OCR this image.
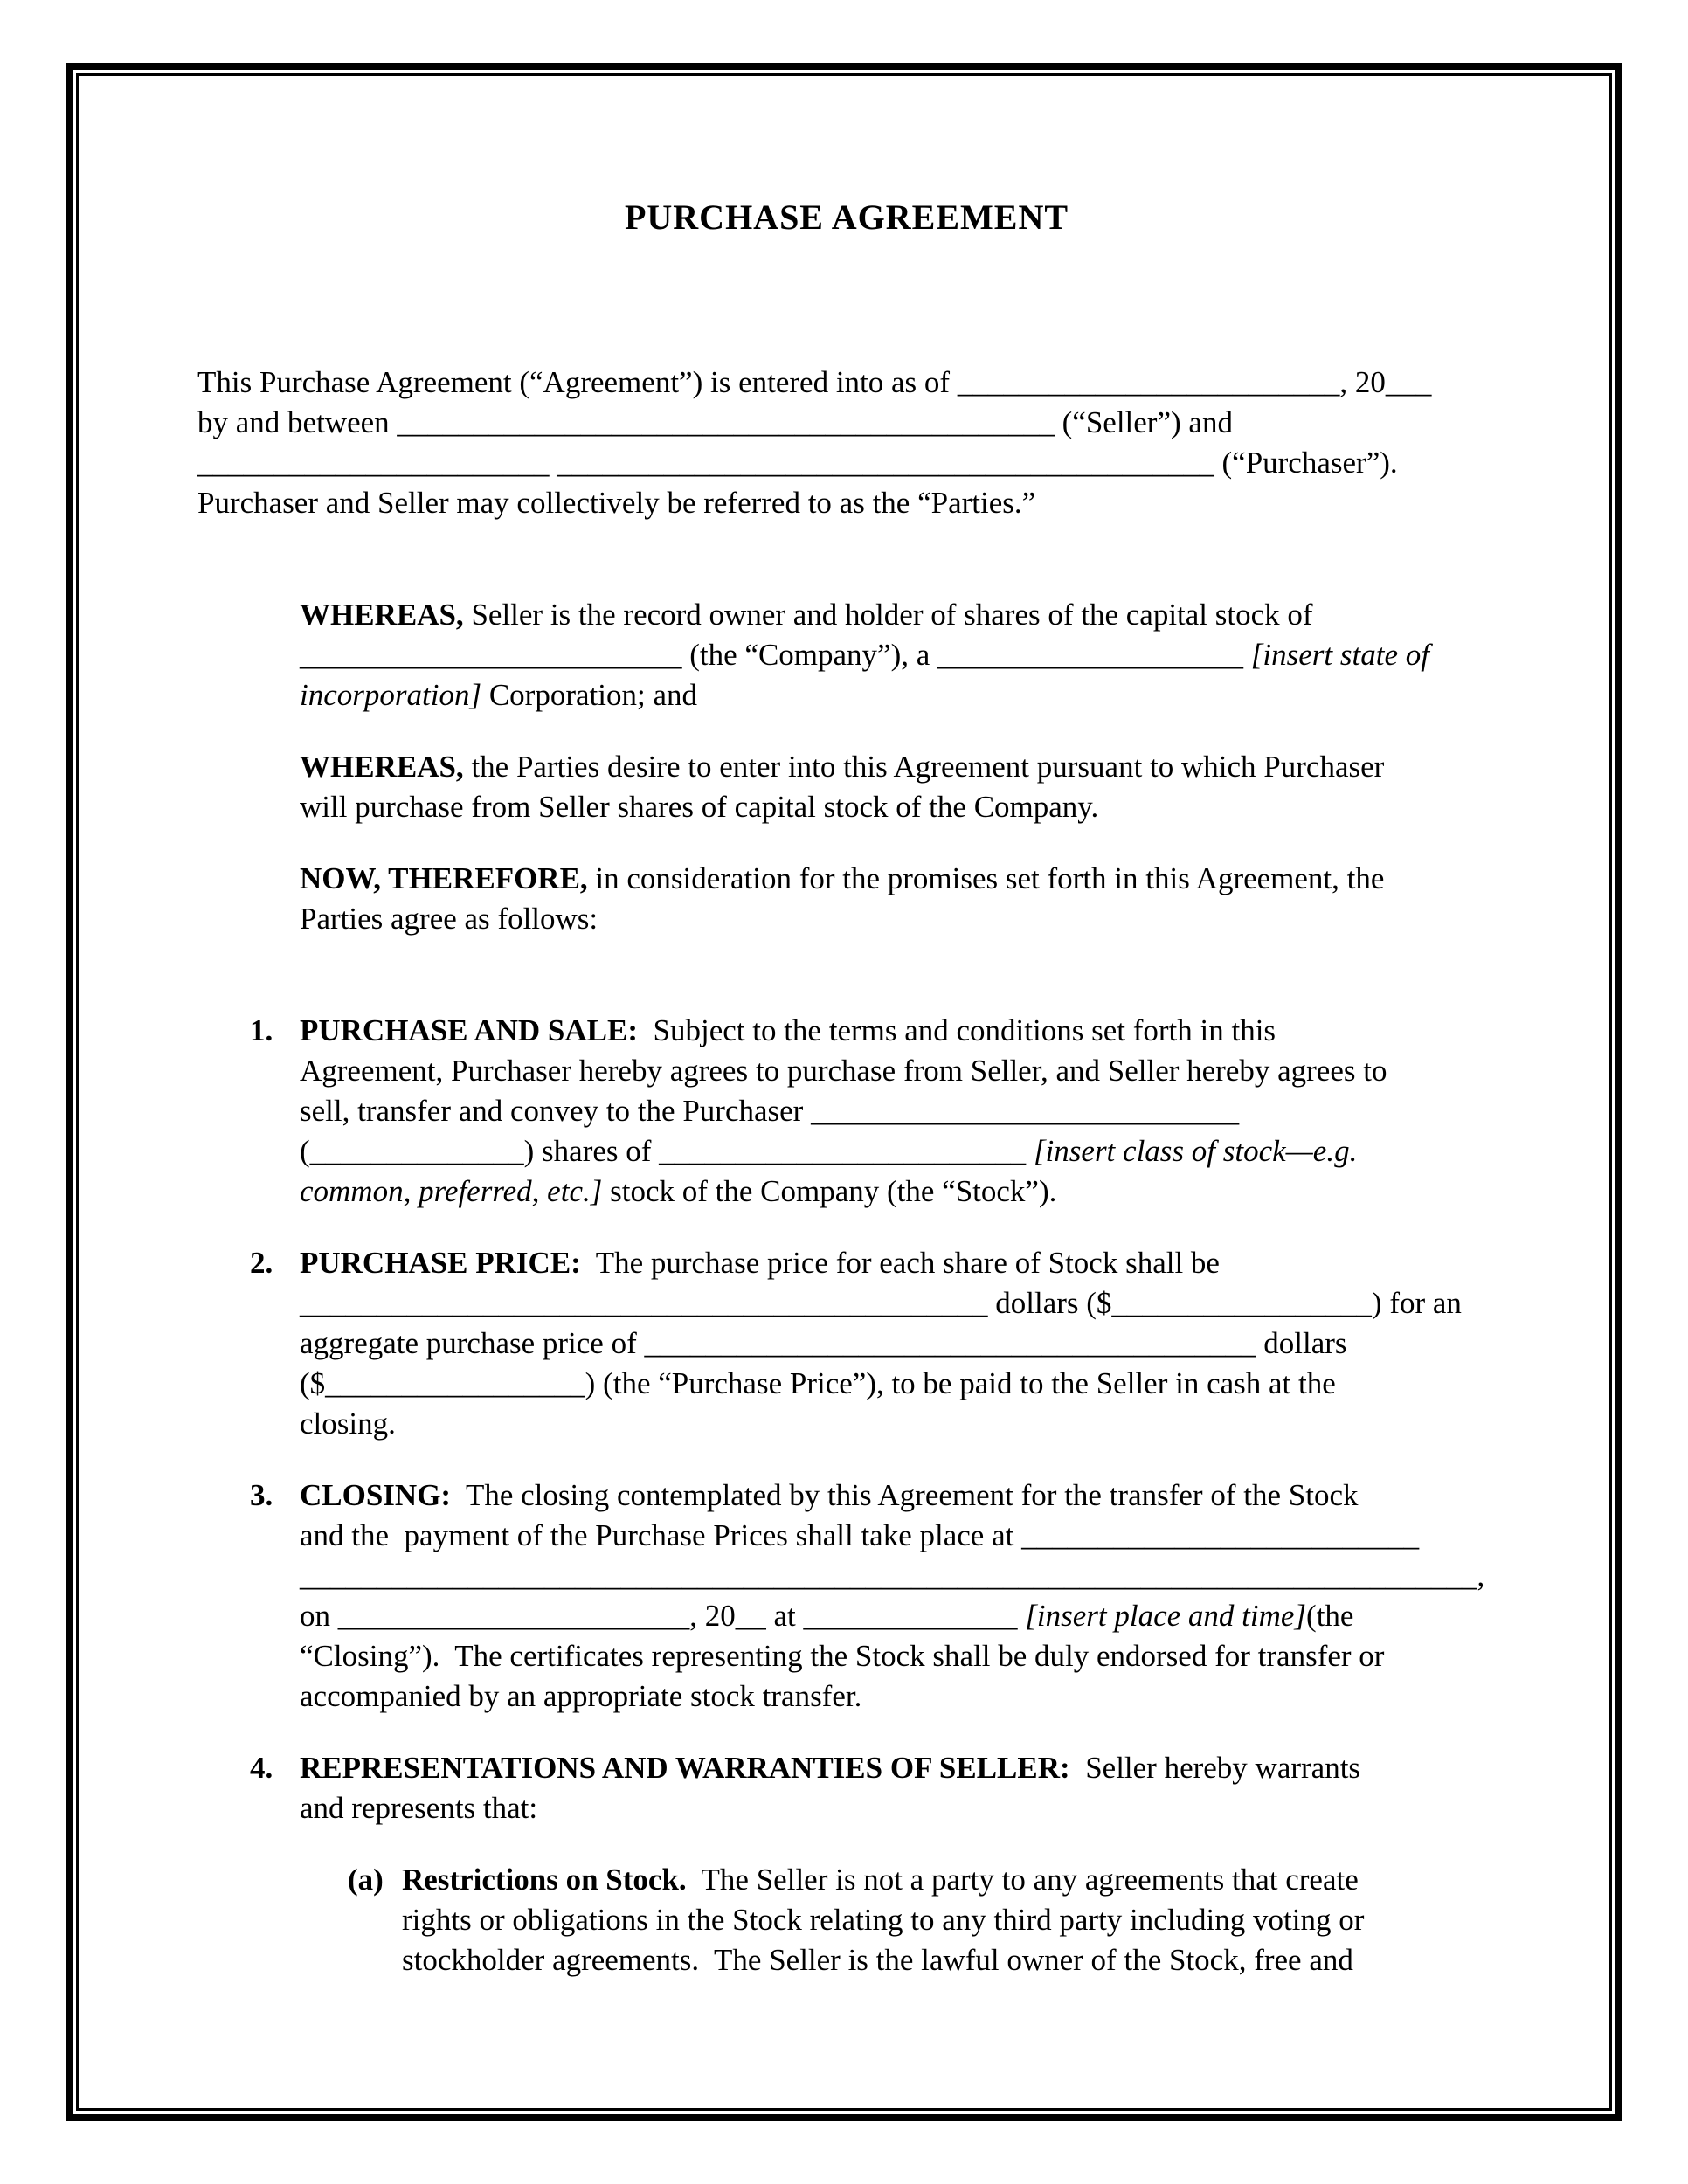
PURCHASE AGREEMENT
This Purchase Agreement (“Agreement”) is entered into as of _________________________, 20___
by and between ___________________________________________ (“Seller”) and
_______________________ ___________________________________________ (“Purchaser”).
Purchaser and Seller may collectively be referred to as the “Parties.”
WHEREAS, Seller is the record owner and holder of shares of the capital stock of
_________________________ (the “Company”), a ____________________ [insert state of
incorporation] Corporation; and
WHEREAS, the Parties desire to enter into this Agreement pursuant to which Purchaser
will purchase from Seller shares of capital stock of the Company.
NOW, THEREFORE, in consideration for the promises set forth in this Agreement, the
Parties agree as follows:
1. PURCHASE AND SALE:  Subject to the terms and conditions set forth in this
Agreement, Purchaser hereby agrees to purchase from Seller, and Seller hereby agrees to
sell, transfer and convey to the Purchaser ____________________________
(______________) shares of ________________________ [insert class of stock—e.g.
common, preferred, etc.] stock of the Company (the “Stock”).
2. PURCHASE PRICE:  The purchase price for each share of Stock shall be
_____________________________________________ dollars ($_________________) for an
aggregate purchase price of ________________________________________ dollars
($_________________) (the “Purchase Price”), to be paid to the Seller in cash at the
closing.
3. CLOSING:  The closing contemplated by this Agreement for the transfer of the Stock
and the  payment of the Purchase Prices shall take place at __________________________
_____________________________________________________________________________,
on _______________________, 20__ at ______________ [insert place and time](the
“Closing”).  The certificates representing the Stock shall be duly endorsed for transfer or
accompanied by an appropriate stock transfer.
4. REPRESENTATIONS AND WARRANTIES OF SELLER:  Seller hereby warrants
and represents that:
(a) Restrictions on Stock.  The Seller is not a party to any agreements that create
rights or obligations in the Stock relating to any third party including voting or
stockholder agreements.  The Seller is the lawful owner of the Stock, free and
